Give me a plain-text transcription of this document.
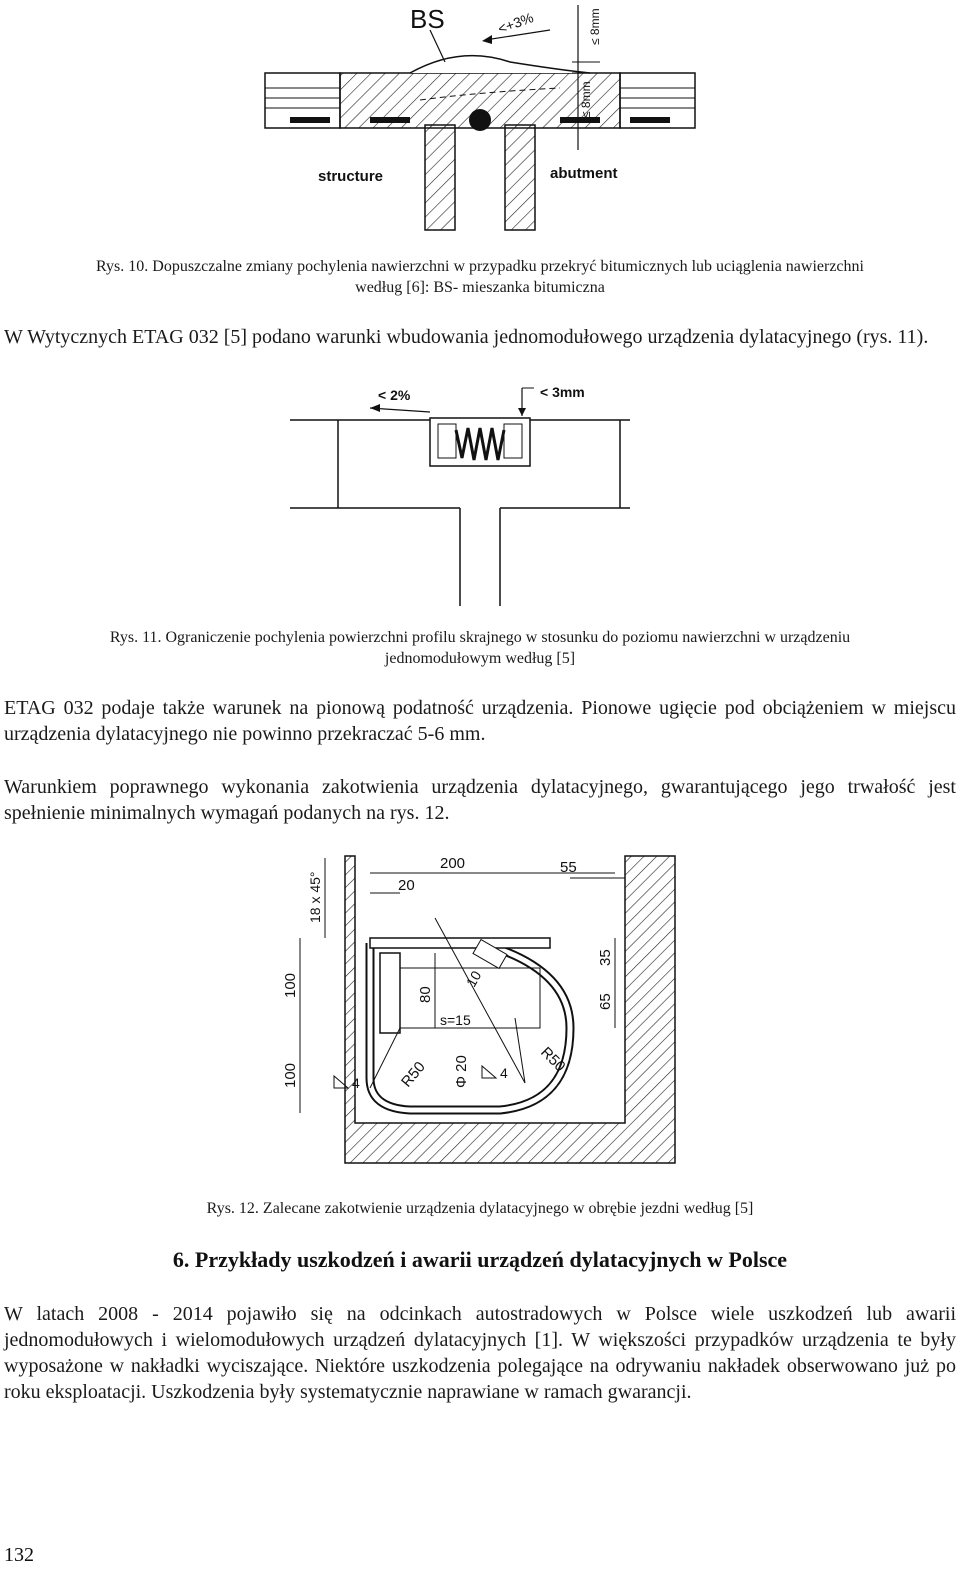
BS	<+3%	≤ 8mm
≤ 8mm
structure	abutment
Rys. 10. Dopuszczalne zmiany pochylenia nawierzchni w przypadku przekryć bitumicznych lub uciąglenia nawierzchni
według [6]: BS- mieszanka bitumiczna
W Wytycznych ETAG 032 [5] podano warunki wbudowania jednomodułowego urządzenia dylatacyjnego (rys. 11).
< 2%	< 3mm
Rys. 11. Ograniczenie pochylenia powierzchni profilu skrajnego w stosunku do poziomu nawierzchni w urządzeniu
jednomodułowym według [5]
ETAG 032 podaje także warunek na pionową podatność urządzenia. Pionowe ugięcie pod obciążeniem w miejscu urządzenia dylatacyjnego nie powinno przekraczać 5-6 mm.
Warunkiem poprawnego wykonania zakotwienia urządzenia dylatacyjnego, gwarantującego jego trwałość jest spełnienie minimalnych wymagań podanych na rys. 12.
200	55
20
18 x 45°
100
100
80
35
65
s=15
R50	R50
Φ 20
10
4
4
Rys. 12. Zalecane zakotwienie urządzenia dylatacyjnego w obrębie jezdni według [5]
6. Przykłady uszkodzeń i awarii urządzeń dylatacyjnych w Polsce
W latach 2008 - 2014 pojawiło się na odcinkach autostradowych w Polsce wiele uszkodzeń lub awarii jednomodułowych i wielomodułowych urządzeń dylatacyjnych [1]. W większości przypadków urządzenia te były wyposażone w nakładki wyciszające. Niektóre uszkodzenia polegające na odrywaniu nakładek obserwowano już po roku eksploatacji. Uszkodzenia były systematycznie naprawiane w ramach gwarancji.
132
